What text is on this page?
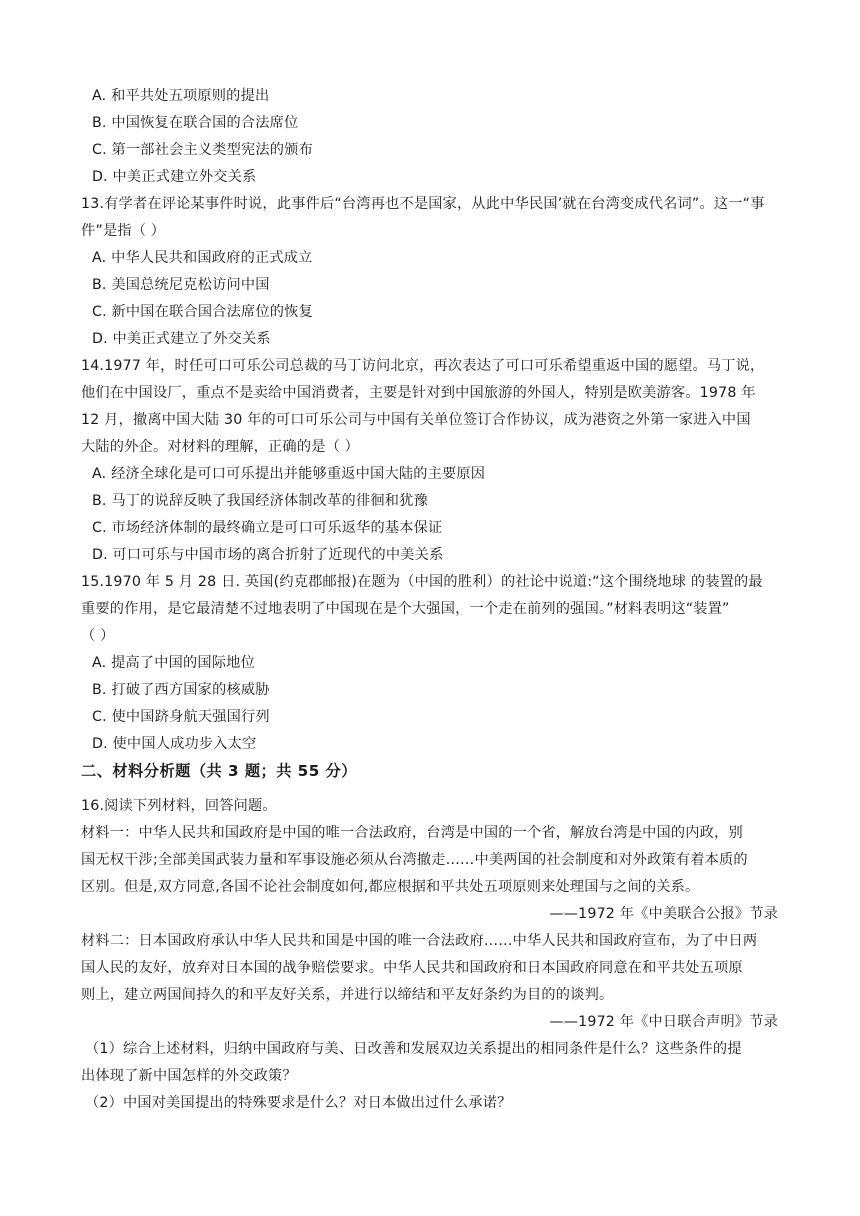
A. 和平共处五项原则的提出
B. 中国恢复在联合国的合法席位
C. 第一部社会主义类型宪法的颁布
D. 中美正式建立外交关系
13.有学者在评论某事件时说，此事件后“台湾再也不是国家，从此中华民国’就在台湾变成代名词”。这一“事
件”是指（ ）
A. 中华人民共和国政府的正式成立
B. 美国总统尼克松访问中国
C. 新中国在联合国合法席位的恢复
D. 中美正式建立了外交关系
14.1977 年，时任可口可乐公司总裁的马丁访问北京，再次表达了可口可乐希望重返中国的愿望。马丁说，
他们在中国设厂，重点不是卖给中国消费者，主要是针对到中国旅游的外国人，特别是欧美游客。1978 年
12 月，撤离中国大陆 30 年的可口可乐公司与中国有关单位签订合作协议，成为港资之外第一家进入中国
大陆的外企。对材料的理解，正确的是（ ）
A. 经济全球化是可口可乐提出并能够重返中国大陆的主要原因
B. 马丁的说辞反映了我国经济体制改革的徘徊和犹豫
C. 市场经济体制的最终确立是可口可乐返华的基本保证
D. 可口可乐与中国市场的离合折射了近现代的中美关系
15.1970 年 5 月 28 日. 英国(约克郡邮报)在题为（中国的胜利）的社论中说道:“这个围绕地球 的装置的最
重要的作用，是它最清楚不过地表明了中国现在是个大强国，一个走在前列的强国。”材料表明这“装置”
（ ）
A. 提高了中国的国际地位
B. 打破了西方国家的核威胁
C. 使中国跻身航天强国行列
D. 使中国人成功步入太空
二、材料分析题（共 3 题；共 55 分）
16.阅读下列材料，回答问题。
材料一：中华人民共和国政府是中国的唯一合法政府，台湾是中国的一个省，解放台湾是中国的内政，别
国无权干涉;全部美国武装力量和军事设施必须从台湾撤走……中美两国的社会制度和对外政策有着本质的
区别。但是,双方同意,各国不论社会制度如何,都应根据和平共处五项原则来处理国与之间的关系。
——1972 年《中美联合公报》节录
材料二：日本国政府承认中华人民共和国是中国的唯一合法政府……中华人民共和国政府宣布，为了中日两
国人民的友好，放弃对日本国的战争赔偿要求。中华人民共和国政府和日本国政府同意在和平共处五项原
则上，建立两国间持久的和平友好关系，并进行以缔结和平友好条约为目的的谈判。
——1972 年《中日联合声明》节录
（1）综合上述材料，归纳中国政府与美、日改善和发展双边关系提出的相同条件是什么？这些条件的提
出体现了新中国怎样的外交政策？
（2）中国对美国提出的特殊要求是什么？对日本做出过什么承诺？
